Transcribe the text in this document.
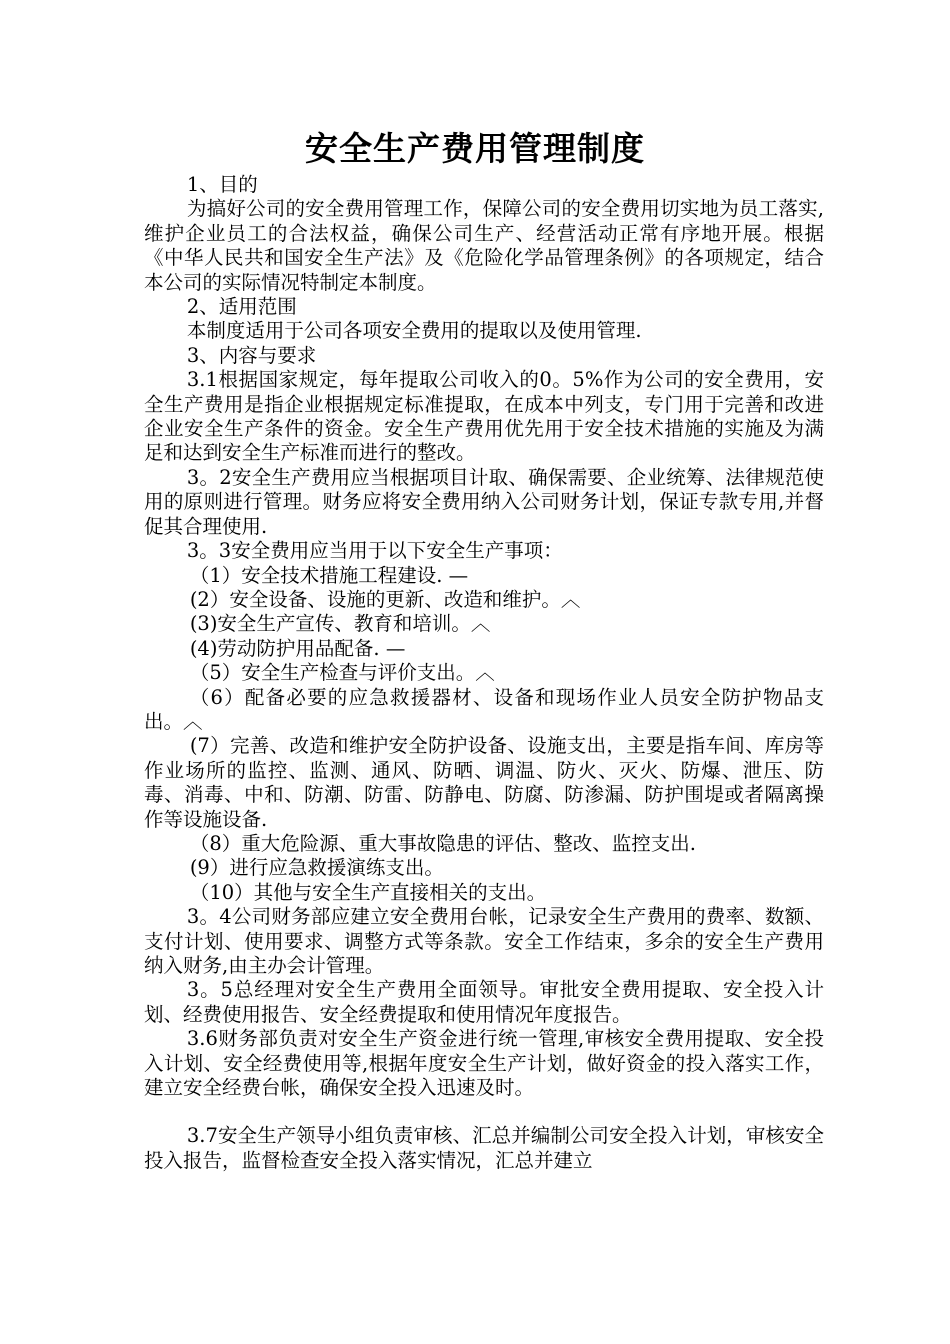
安全生产费用管理制度

1、目的

为搞好公司的安全费用管理工作，保障公司的安全费用切实地为员工落实,维护企业员工的合法权益，确保公司生产、经营活动正常有序地开展。根据《中华人民共和国安全生产法》及《危险化学品管理条例》的各项规定，结合本公司的实际情况特制定本制度。

2、适用范围

本制度适用于公司各项安全费用的提取以及使用管理.

3、内容与要求

3.1根据国家规定，每年提取公司收入的0。5%作为公司的安全费用，安全生产费用是指企业根据规定标准提取，在成本中列支，专门用于完善和改进企业安全生产条件的资金。安全生产费用优先用于安全技术措施的实施及为满足和达到安全生产标准而进行的整改。

3。2安全生产费用应当根据项目计取、确保需要、企业统筹、法律规范使用的原则进行管理。财务应将安全费用纳入公司财务计划，保证专款专用,并督促其合理使用.

3。3安全费用应当用于以下安全生产事项：

（1）安全技术措施工程建设. —

(2）安全设备、设施的更新、改造和维护。︿

(3)安全生产宣传、教育和培训。︿

(4)劳动防护用品配备. —

（5）安全生产检查与评价支出。︿

（6）配备必要的应急救援器材、设备和现场作业人员安全防护物品支出。︿

(7）完善、改造和维护安全防护设备、设施支出，主要是指车间、库房等作业场所的监控、监测、通风、防晒、调温、防火、灭火、防爆、泄压、防毒、消毒、中和、防潮、防雷、防静电、防腐、防渗漏、防护围堤或者隔离操作等设施设备.

（8）重大危险源、重大事故隐患的评估、整改、监控支出.

(9）进行应急救援演练支出。

（10）其他与安全生产直接相关的支出。

3。4公司财务部应建立安全费用台帐，记录安全生产费用的费率、数额、支付计划、使用要求、调整方式等条款。安全工作结束，多余的安全生产费用纳入财务,由主办会计管理。

3。5总经理对安全生产费用全面领导。审批安全费用提取、安全投入计划、经费使用报告、安全经费提取和使用情况年度报告。

3.6财务部负责对安全生产资金进行统一管理,审核安全费用提取、安全投入计划、安全经费使用等,根据年度安全生产计划，做好资金的投入落实工作，建立安全经费台帐，确保安全投入迅速及时。

3.7安全生产领导小组负责审核、汇总并编制公司安全投入计划，审核安全投入报告，监督检查安全投入落实情况，汇总并建立
